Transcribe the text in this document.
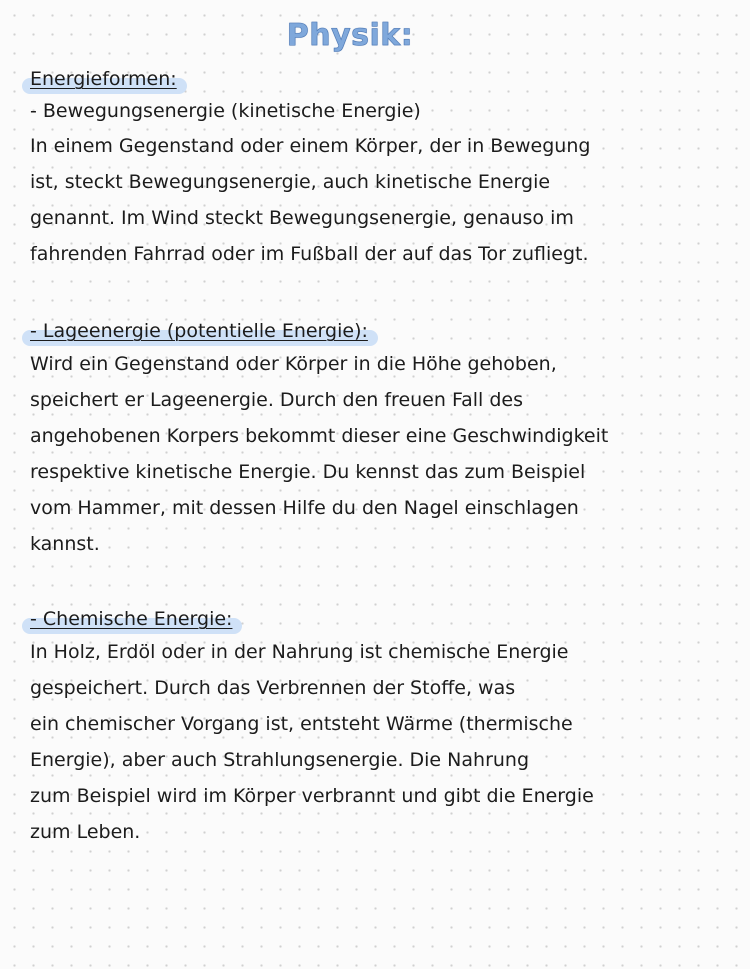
Physik:
Energieformen:
- Bewegungsenergie (kinetische Energie)
In einem Gegenstand oder einem Körper, der in Bewegung
ist, steckt Bewegungsenergie, auch kinetische Energie
genannt. Im Wind steckt Bewegungsenergie, genauso im
fahrenden Fahrrad oder im Fußball der auf das Tor zufliegt.
- Lageenergie (potentielle Energie):
Wird ein Gegenstand oder Körper in die Höhe gehoben,
speichert er Lageenergie. Durch den freuen Fall des
angehobenen Korpers bekommt dieser eine Geschwindigkeit
respektive kinetische Energie. Du kennst das zum Beispiel
vom Hammer, mit dessen Hilfe du den Nagel einschlagen
kannst.
- Chemische Energie:
In Holz, Erdöl oder in der Nahrung ist chemische Energie
gespeichert. Durch das Verbrennen der Stoffe, was
ein chemischer Vorgang ist, entsteht Wärme (thermische
Energie), aber auch Strahlungsenergie. Die Nahrung
zum Beispiel wird im Körper verbrannt und gibt die Energie
zum Leben.
